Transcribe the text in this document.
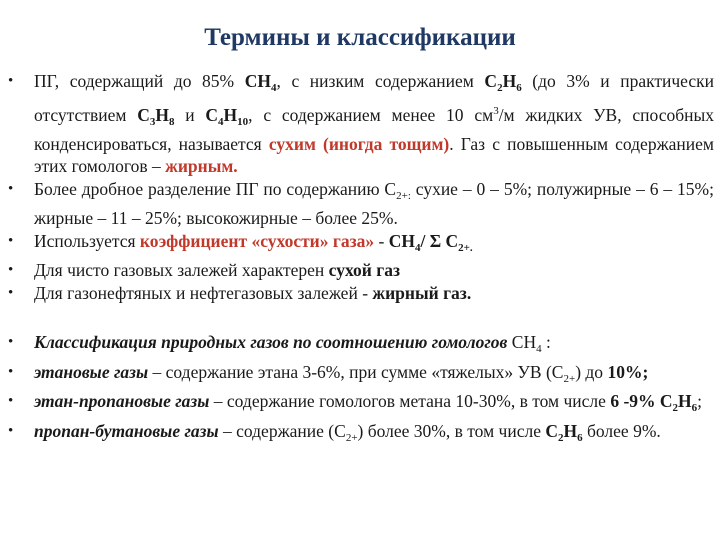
Термины и классификации
• ПГ, содержащий до 85% $CH_4$, с низким содержанием $C_2H_6$ (до 3% и практически отсутствием $C_3H_8$ и $C_4H_{10}$, с содержанием менее 10 $см^3/м$ жидких УВ, способных конденсироваться, называется сухим (иногда тощим). Газ с повышенным содержанием этих гомологов – жирным.
• Более дробное разделение ПГ по содержанию $С_{2+:}$ сухие – 0 – 5%; полужирные – 6 – 15%; жирные – 11 – 25%; высокожирные – более 25%.
• Используется коэффициент «сухости» газа» - $CH_4/$ Σ $C_{2+.}$
• Для чисто газовых залежей характерен сухой газ
• Для газонефтяных и нефтегазовых залежей - жирный газ.
• Классификация природных газов по соотношению гомологов $CH_4$ :
• этановые газы – содержание этана 3-6%, при сумме «тяжелых» УВ $(С_{2+})$ до 10%;
• этан-пропановые газы – содержание гомологов метана 10-30%, в том числе 6 -9% $C_2H_6$;
• пропан-бутановые газы – содержание $(С_{2+})$ более 30%, в том числе $C_2H_6$ более 9%.
